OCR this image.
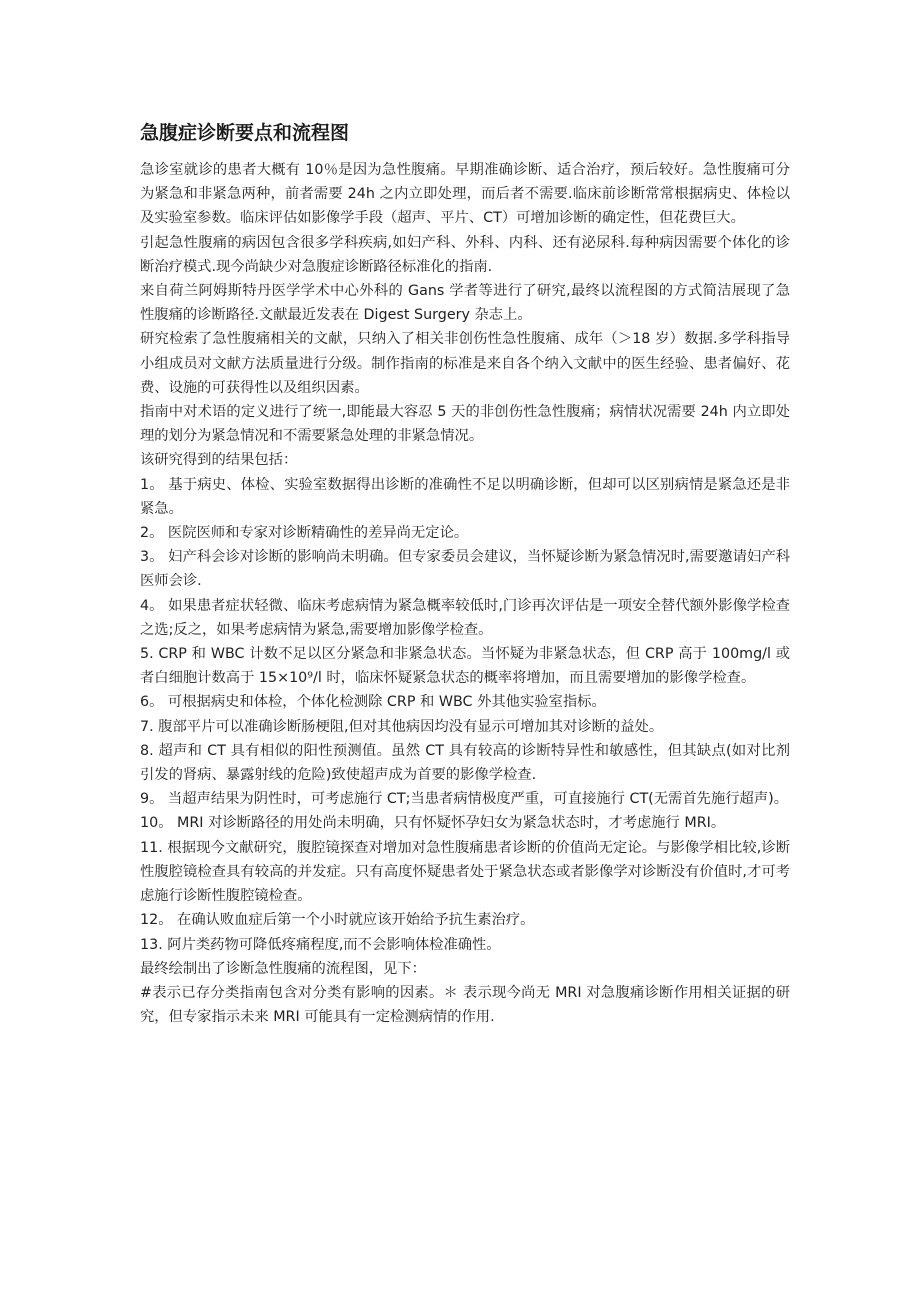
急腹症诊断要点和流程图

急诊室就诊的患者大概有 10％是因为急性腹痛。早期准确诊断、适合治疗，预后较好。急性腹痛可分为紧急和非紧急两种，前者需要 24h 之内立即处理，而后者不需要.临床前诊断常常根据病史、体检以及实验室参数。临床评估如影像学手段（超声、平片、CT）可增加诊断的确定性，但花费巨大。

引起急性腹痛的病因包含很多学科疾病,如妇产科、外科、内科、还有泌尿科.每种病因需要个体化的诊断治疗模式.现今尚缺少对急腹症诊断路径标准化的指南.

来自荷兰阿姆斯特丹医学学术中心外科的 Gans 学者等进行了研究,最终以流程图的方式简洁展现了急性腹痛的诊断路径.文献最近发表在 Digest Surgery 杂志上。

研究检索了急性腹痛相关的文献，只纳入了相关非创伤性急性腹痛、成年（＞18 岁）数据.多学科指导小组成员对文献方法质量进行分级。制作指南的标准是来自各个纳入文献中的医生经验、患者偏好、花费、设施的可获得性以及组织因素。

指南中对术语的定义进行了统一,即能最大容忍 5 天的非创伤性急性腹痛；病情状况需要 24h 内立即处理的划分为紧急情况和不需要紧急处理的非紧急情况。

该研究得到的结果包括：

1。 基于病史、体检、实验室数据得出诊断的准确性不足以明确诊断，但却可以区别病情是紧急还是非紧急。

2。 医院医师和专家对诊断精确性的差异尚无定论。

3。 妇产科会诊对诊断的影响尚未明确。但专家委员会建议，当怀疑诊断为紧急情况时,需要邀请妇产科医师会诊.

4。 如果患者症状轻微、临床考虑病情为紧急概率较低时,门诊再次评估是一项安全替代额外影像学检查之选;反之，如果考虑病情为紧急,需要增加影像学检查。

5. CRP 和 WBC 计数不足以区分紧急和非紧急状态。当怀疑为非紧急状态，但 CRP 高于 100mg/l 或者白细胞计数高于 15×10⁹/l 时，临床怀疑紧急状态的概率将增加，而且需要增加的影像学检查。

6。 可根据病史和体检，个体化检测除 CRP 和 WBC 外其他实验室指标。

7. 腹部平片可以准确诊断肠梗阻,但对其他病因均没有显示可增加其对诊断的益处。

8. 超声和 CT 具有相似的阳性预测值。虽然 CT 具有较高的诊断特异性和敏感性，但其缺点(如对比剂引发的肾病、暴露射线的危险)致使超声成为首要的影像学检查.

9。 当超声结果为阴性时，可考虑施行 CT;当患者病情极度严重，可直接施行 CT(无需首先施行超声)。

10。 MRI 对诊断路径的用处尚未明确，只有怀疑怀孕妇女为紧急状态时，才考虑施行 MRI。

11. 根据现今文献研究，腹腔镜探查对增加对急性腹痛患者诊断的价值尚无定论。与影像学相比较,诊断性腹腔镜检查具有较高的并发症。只有高度怀疑患者处于紧急状态或者影像学对诊断没有价值时,才可考虑施行诊断性腹腔镜检查。

12。 在确认败血症后第一个小时就应该开始给予抗生素治疗。

13. 阿片类药物可降低疼痛程度,而不会影响体检准确性。

最终绘制出了诊断急性腹痛的流程图，见下：

#表示已存分类指南包含对分类有影响的因素。＊ 表示现今尚无 MRI 对急腹痛诊断作用相关证据的研究，但专家指示未来 MRI 可能具有一定检测病情的作用.
